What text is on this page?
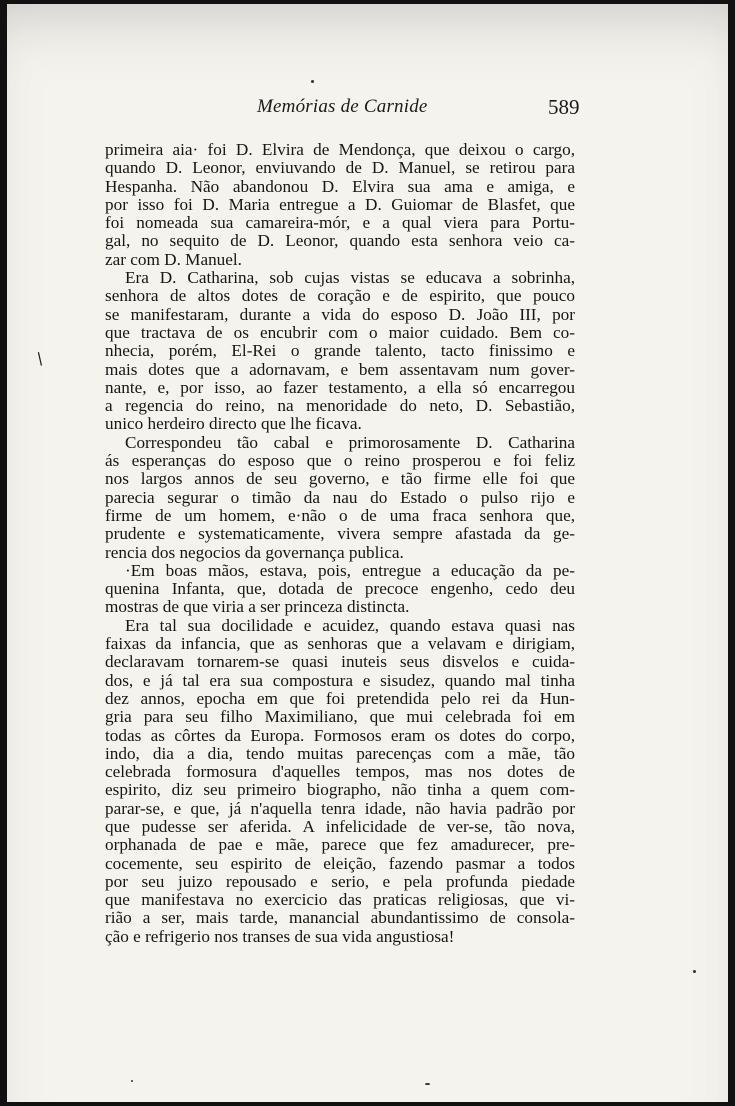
Memórias de Carnide	589
/
primeira aia· foi D. Elvira de Mendonça, que deixou o cargo,
quando D. Leonor, enviuvando de D. Manuel, se retirou para
Hespanha. Não abandonou D. Elvira sua ama e amiga, e
por isso foi D. Maria entregue a D. Guiomar de Blasfet, que
foi nomeada sua camareira-mór, e a qual viera para Portu-
gal, no sequito de D. Leonor, quando esta senhora veio ca-
zar com D. Manuel.
Era D. Catharina, sob cujas vistas se educava a sobrinha,
senhora de altos dotes de coração e de espirito, que pouco
se manifestaram, durante a vida do esposo D. João III, por
que tractava de os encubrir com o maior cuidado. Bem co-
nhecia, porém, El-Rei o grande talento, tacto finissimo e
mais dotes que a adornavam, e bem assentavam num gover-
nante, e, por isso, ao fazer testamento, a ella só encarregou
a regencia do reino, na menoridade do neto, D. Sebastião,
unico herdeiro directo que lhe ficava.
Correspondeu tão cabal e primorosamente D. Catharina
ás esperanças do esposo que o reino prosperou e foi feliz
nos largos annos de seu governo, e tão firme elle foi que
parecia segurar o timão da nau do Estado o pulso rijo e
firme de um homem, e·não o de uma fraca senhora que,
prudente e systematicamente, vivera sempre afastada da ge-
rencia dos negocios da governança publica.
·Em boas mãos, estava, pois, entregue a educação da pe-
quenina Infanta, que, dotada de precoce engenho, cedo deu
mostras de que viria a ser princeza distincta.
Era tal sua docilidade e acuidez, quando estava quasi nas
faixas da infancia, que as senhoras que a velavam e dirigiam,
declaravam tornarem-se quasi inuteis seus disvelos e cuida-
dos, e já tal era sua compostura e sisudez, quando mal tinha
dez annos, epocha em que foi pretendida pelo rei da Hun-
gria para seu filho Maximiliano, que mui celebrada foi em
todas as côrtes da Europa. Formosos eram os dotes do corpo,
indo, dia a dia, tendo muitas parecenças com a mãe, tão
celebrada formosura d'aquelles tempos, mas nos dotes de
espirito, diz seu primeiro biographo, não tinha a quem com-
parar-se, e que, já n'aquella tenra idade, não havia padrão por
que pudesse ser aferida. A infelicidade de ver-se, tão nova,
orphanada de pae e mãe, parece que fez amadurecer, pre-
cocemente, seu espirito de eleição, fazendo pasmar a todos
por seu juizo repousado e serio, e pela profunda piedade
que manifestava no exercicio das praticas religiosas, que vi-
rião a ser, mais tarde, manancial abundantissimo de consola-
ção e refrigerio nos transes de sua vida angustiosa!
